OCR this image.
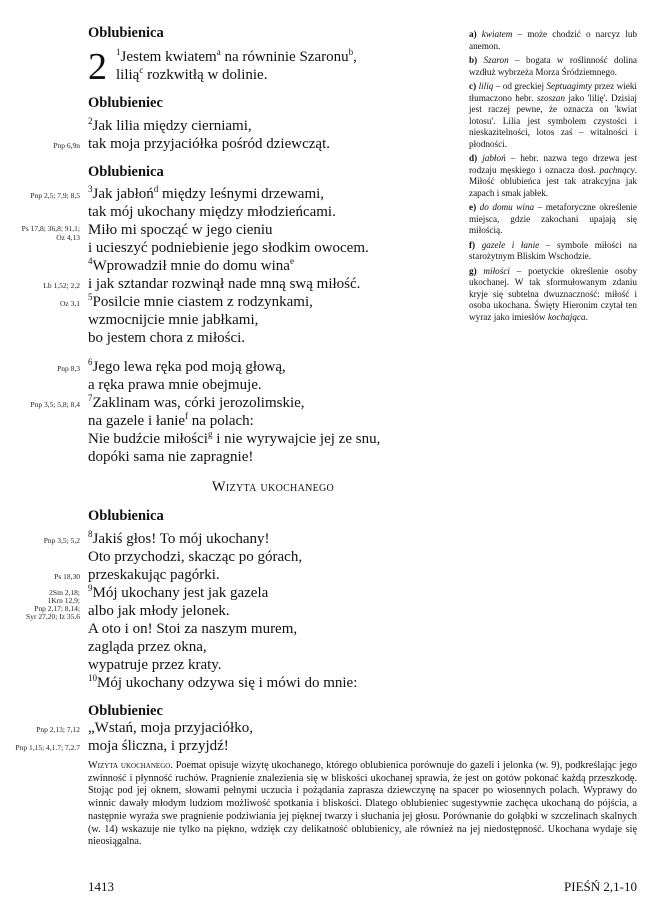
Oblubienica
2 $^1$Jestem kwiatem$^a$ na równinie Szaronu$^b$,
lilią$^c$ rozkwitłą w dolinie.
Oblubieniec
$^2$Jak lilia między cierniami,
Pnp 6,9n tak moja przyjaciółka pośród dziewcząt.
Oblubienica
Pnp 2,5; 7,9; 8,5
$^3$Jak jabłoń$^d$ między leśnymi drzewami,
tak mój ukochany między młodzieńcami.
Ps 17,8; 36,8; 91,1;
Oz 4,13 Miło mi spocząć w jego cieniu
i ucieszyć podniebienie jego słodkim owocem.
$^4$Wprowadził mnie do domu wina$^e$
Lb 1,52; 2,2 i jak sztandar rozwinął nade mną swą miłość.
Oz 3,1
$^5$Posilcie mnie ciastem z rodzynkami,
wzmocnijcie mnie jabłkami,
bo jestem chora z miłości.
Pnp 8,3
$^6$Jego lewa ręka pod moją głową,
a ręka prawa mnie obejmuje.
Pnp 3,5; 5,8; 8,4
$^7$Zaklinam was, córki jerozolimskie,
na gazele i łanie$^f$ na polach:
Nie budźcie miłości$^g$ i nie wyrywajcie jej ze snu,
dopóki sama nie zapragnie!
Wizyta ukochanego
Oblubienica
Pnp 3,5; 5,2
$^8$Jakiś głos! To mój ukochany!
Oto przychodzi, skacząc po górach,
Ps 18,30 przeskakując pagórki.
2Sm 2,18;
1Krn 12,9;
Pnp 2,17; 8,14;
Syr 27,20; Iz 35,6
$^9$Mój ukochany jest jak gazela
albo jak młody jelonek.
A oto i on! Stoi za naszym murem,
zagląda przez okna,
wypatruje przez kraty.
$^{10}$Mój ukochany odzywa się i mówi do mnie:
Oblubieniec
Pnp 2,13; 7,12 „Wstań, moja przyjaciółko,
Pnp 1,15; 4,1.7; 7,2.7 moja śliczna, i przyjdź!
a) kwiatem – może chodzić o narcyz lub anemon.
b) Szaron – bogata w roślinność dolina wzdłuż wybrzeża Morza Śródziemnego.
c) lilią – od greckiej Septuagimty przez wieki tłumaczono hebr. szoszan jako 'lilię'. Dzisiaj jest raczej pewne, że oznacza on 'kwiat lotosu'. Lilia jest symbolem czystości i nieskazitelności, lotos zaś – witalności i płodności.
d) jabłoń – hebr. nazwa tego drzewa jest rodzaju męskiego i oznacza dosł. pachnący. Miłość oblubieńca jest tak atrakcyjna jak zapach i smak jabłek.
e) do domu wina – metaforyczne określenie miejsca, gdzie zakochani upajają się miłością.
f) gazele i łanie – symbole miłości na starożytnym Bliskim Wschodzie.
g) miłości – poetyckie określenie osoby ukochanej. W tak sformułowanym zdaniu kryje się subtelna dwuznaczność: miłość i osoba ukochana. Święty Hieronim czytał ten wyraz jako imiesłów kochająca.
Wizyta ukochanego. Poemat opisuje wizytę ukochanego, którego oblubienica porównuje do gazeli i jelonka (w. 9), podkreślając jego zwinność i płynność ruchów. Pragnienie znalezienia się w bliskości ukochanej sprawia, że jest on gotów pokonać każdą przeszkodę. Stojąc pod jej oknem, słowami pełnymi uczucia i pożądania zaprasza dziewczynę na spacer po wiosennych polach. Wyprawy do winnic dawały młodym ludziom możliwość spotkania i bliskości. Dlatego oblubieniec sugestywnie zachęca ukochaną do pójścia, a następnie wyraża swe pragnienie podziwiania jej pięknej twarzy i słuchania jej głosu. Porównanie do gołąbki w szczelinach skalnych (w. 14) wskazuje nie tylko na piękno, wdzięk czy delikatność oblubienicy, ale również na jej niedostępność. Ukochana wydaje się nieosiągalna.
1413	PIEŚŃ 2,1-10
